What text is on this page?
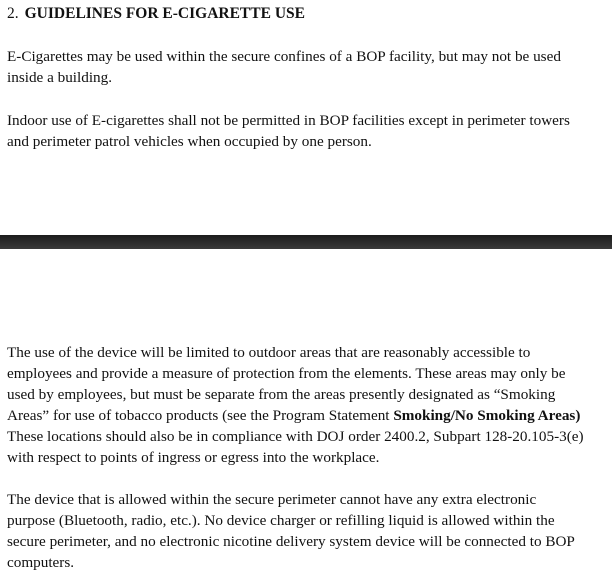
2. GUIDELINES FOR E-CIGARETTE USE

E-Cigarettes may be used within the secure confines of a BOP facility, but may not be used
inside a building.

Indoor use of E-cigarettes shall not be permitted in BOP facilities except in perimeter towers
and perimeter patrol vehicles when occupied by one person.

The use of the device will be limited to outdoor areas that are reasonably accessible to
employees and provide a measure of protection from the elements. These areas may only be
used by employees, but must be separate from the areas presently designated as “Smoking
Areas” for use of tobacco products (see the Program Statement Smoking/No Smoking Areas)
These locations should also be in compliance with DOJ order 2400.2, Subpart 128-20.105-3(e)
with respect to points of ingress or egress into the workplace.

The device that is allowed within the secure perimeter cannot have any extra electronic
purpose (Bluetooth, radio, etc.). No device charger or refilling liquid is allowed within the
secure perimeter, and no electronic nicotine delivery system device will be connected to BOP
computers.
